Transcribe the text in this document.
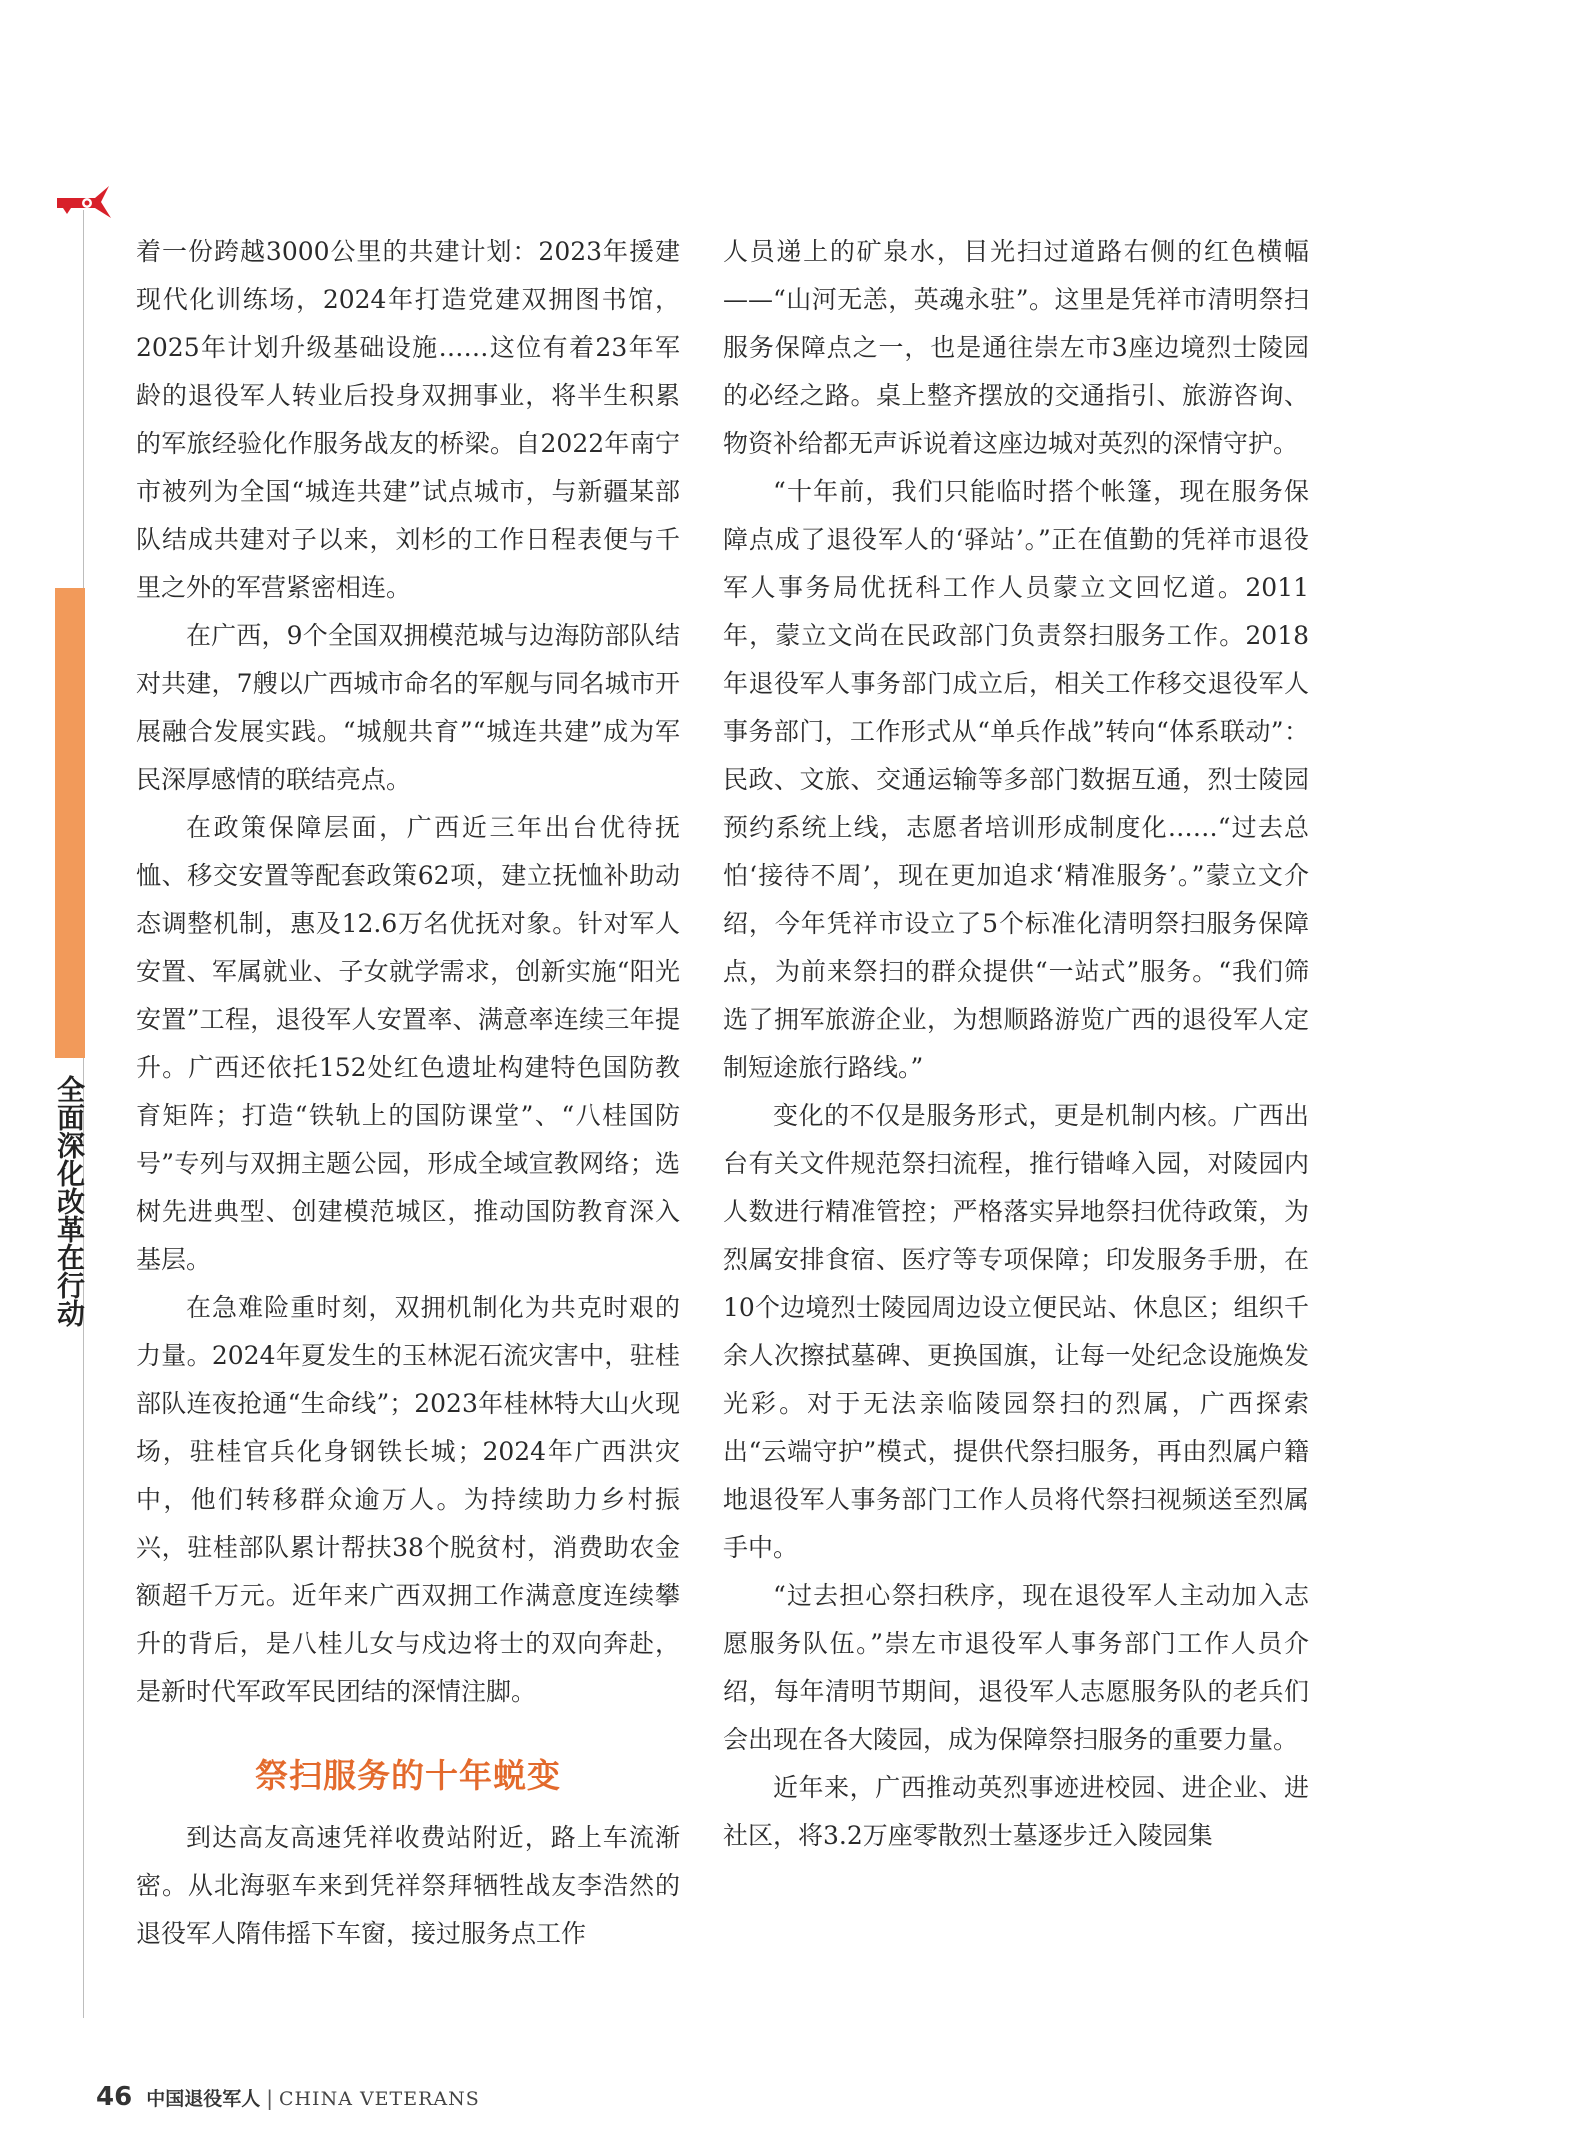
全面深化改革在行动

着一份跨越3000公里的共建计划：2023年援建现代化训练场，2024年打造党建双拥图书馆，2025年计划升级基础设施……这位有着23年军龄的退役军人转业后投身双拥事业，将半生积累的军旅经验化作服务战友的桥梁。自2022年南宁市被列为全国“城连共建”试点城市，与新疆某部队结成共建对子以来，刘杉的工作日程表便与千里之外的军营紧密相连。

在广西，9个全国双拥模范城与边海防部队结对共建，7艘以广西城市命名的军舰与同名城市开展融合发展实践。“城舰共育”“城连共建”成为军民深厚感情的联结亮点。

在政策保障层面，广西近三年出台优待抚恤、移交安置等配套政策62项，建立抚恤补助动态调整机制，惠及12.6万名优抚对象。针对军人安置、军属就业、子女就学需求，创新实施“阳光安置”工程，退役军人安置率、满意率连续三年提升。广西还依托152处红色遗址构建特色国防教育矩阵；打造“铁轨上的国防课堂”、“八桂国防号”专列与双拥主题公园，形成全域宣教网络；选树先进典型、创建模范城区，推动国防教育深入基层。

在急难险重时刻，双拥机制化为共克时艰的力量。2024年夏发生的玉林泥石流灾害中，驻桂部队连夜抢通“生命线”；2023年桂林特大山火现场，驻桂官兵化身钢铁长城；2024年广西洪灾中，他们转移群众逾万人。为持续助力乡村振兴，驻桂部队累计帮扶38个脱贫村，消费助农金额超千万元。近年来广西双拥工作满意度连续攀升的背后，是八桂儿女与戍边将士的双向奔赴，是新时代军政军民团结的深情注脚。

祭扫服务的十年蜕变

到达高友高速凭祥收费站附近，路上车流渐密。从北海驱车来到凭祥祭拜牺牲战友李浩然的退役军人隋伟摇下车窗，接过服务点工作

人员递上的矿泉水，目光扫过道路右侧的红色横幅——“山河无恙，英魂永驻”。这里是凭祥市清明祭扫服务保障点之一，也是通往崇左市3座边境烈士陵园的必经之路。桌上整齐摆放的交通指引、旅游咨询、物资补给都无声诉说着这座边城对英烈的深情守护。

“十年前，我们只能临时搭个帐篷，现在服务保障点成了退役军人的‘驿站’。”正在值勤的凭祥市退役军人事务局优抚科工作人员蒙立文回忆道。2011年，蒙立文尚在民政部门负责祭扫服务工作。2018年退役军人事务部门成立后，相关工作移交退役军人事务部门，工作形式从“单兵作战”转向“体系联动”：民政、文旅、交通运输等多部门数据互通，烈士陵园预约系统上线，志愿者培训形成制度化……“过去总怕‘接待不周’，现在更加追求‘精准服务’。”蒙立文介绍，今年凭祥市设立了5个标准化清明祭扫服务保障点，为前来祭扫的群众提供“一站式”服务。“我们筛选了拥军旅游企业，为想顺路游览广西的退役军人定制短途旅行路线。”

变化的不仅是服务形式，更是机制内核。广西出台有关文件规范祭扫流程，推行错峰入园，对陵园内人数进行精准管控；严格落实异地祭扫优待政策，为烈属安排食宿、医疗等专项保障；印发服务手册，在10个边境烈士陵园周边设立便民站、休息区；组织千余人次擦拭墓碑、更换国旗，让每一处纪念设施焕发光彩。对于无法亲临陵园祭扫的烈属，广西探索出“云端守护”模式，提供代祭扫服务，再由烈属户籍地退役军人事务部门工作人员将代祭扫视频送至烈属手中。

“过去担心祭扫秩序，现在退役军人主动加入志愿服务队伍。”崇左市退役军人事务部门工作人员介绍，每年清明节期间，退役军人志愿服务队的老兵们会出现在各大陵园，成为保障祭扫服务的重要力量。

近年来，广西推动英烈事迹进校园、进企业、进社区，将3.2万座零散烈士墓逐步迁入陵园集

46 中国退役军人 | CHINA VETERANS
